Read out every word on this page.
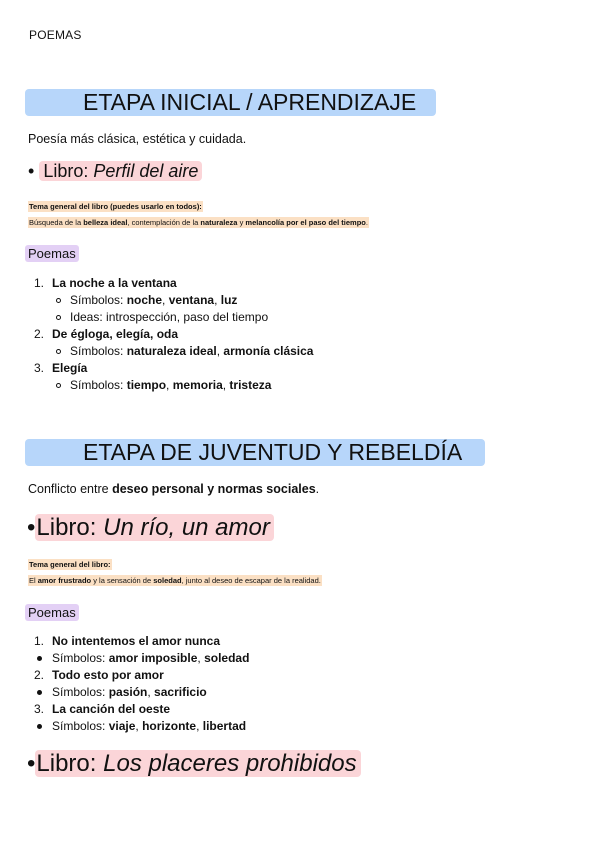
POEMAS
ETAPA INICIAL / APRENDIZAJE
Poesía más clásica, estética y cuidada.
• Libro: Perfil del aire
Tema general del libro (puedes usarlo en todos):
Búsqueda de la belleza ideal, contemplación de la naturaleza y melancolía por el paso del tiempo.
Poemas
1. La noche a la ventana
Símbolos: noche, ventana, luz
Ideas: introspección, paso del tiempo
2. De égloga, elegía, oda
Símbolos: naturaleza ideal, armonía clásica
3. Elegía
Símbolos: tiempo, memoria, tristeza
ETAPA DE JUVENTUD Y REBELDÍA
Conflicto entre deseo personal y normas sociales.
•Libro: Un río, un amor
Tema general del libro:
El amor frustrado y la sensación de soledad, junto al deseo de escapar de la realidad.
Poemas
1. No intentemos el amor nunca
Símbolos: amor imposible, soledad
2. Todo esto por amor
Símbolos: pasión, sacrificio
3. La canción del oeste
Símbolos: viaje, horizonte, libertad
•Libro: Los placeres prohibidos
